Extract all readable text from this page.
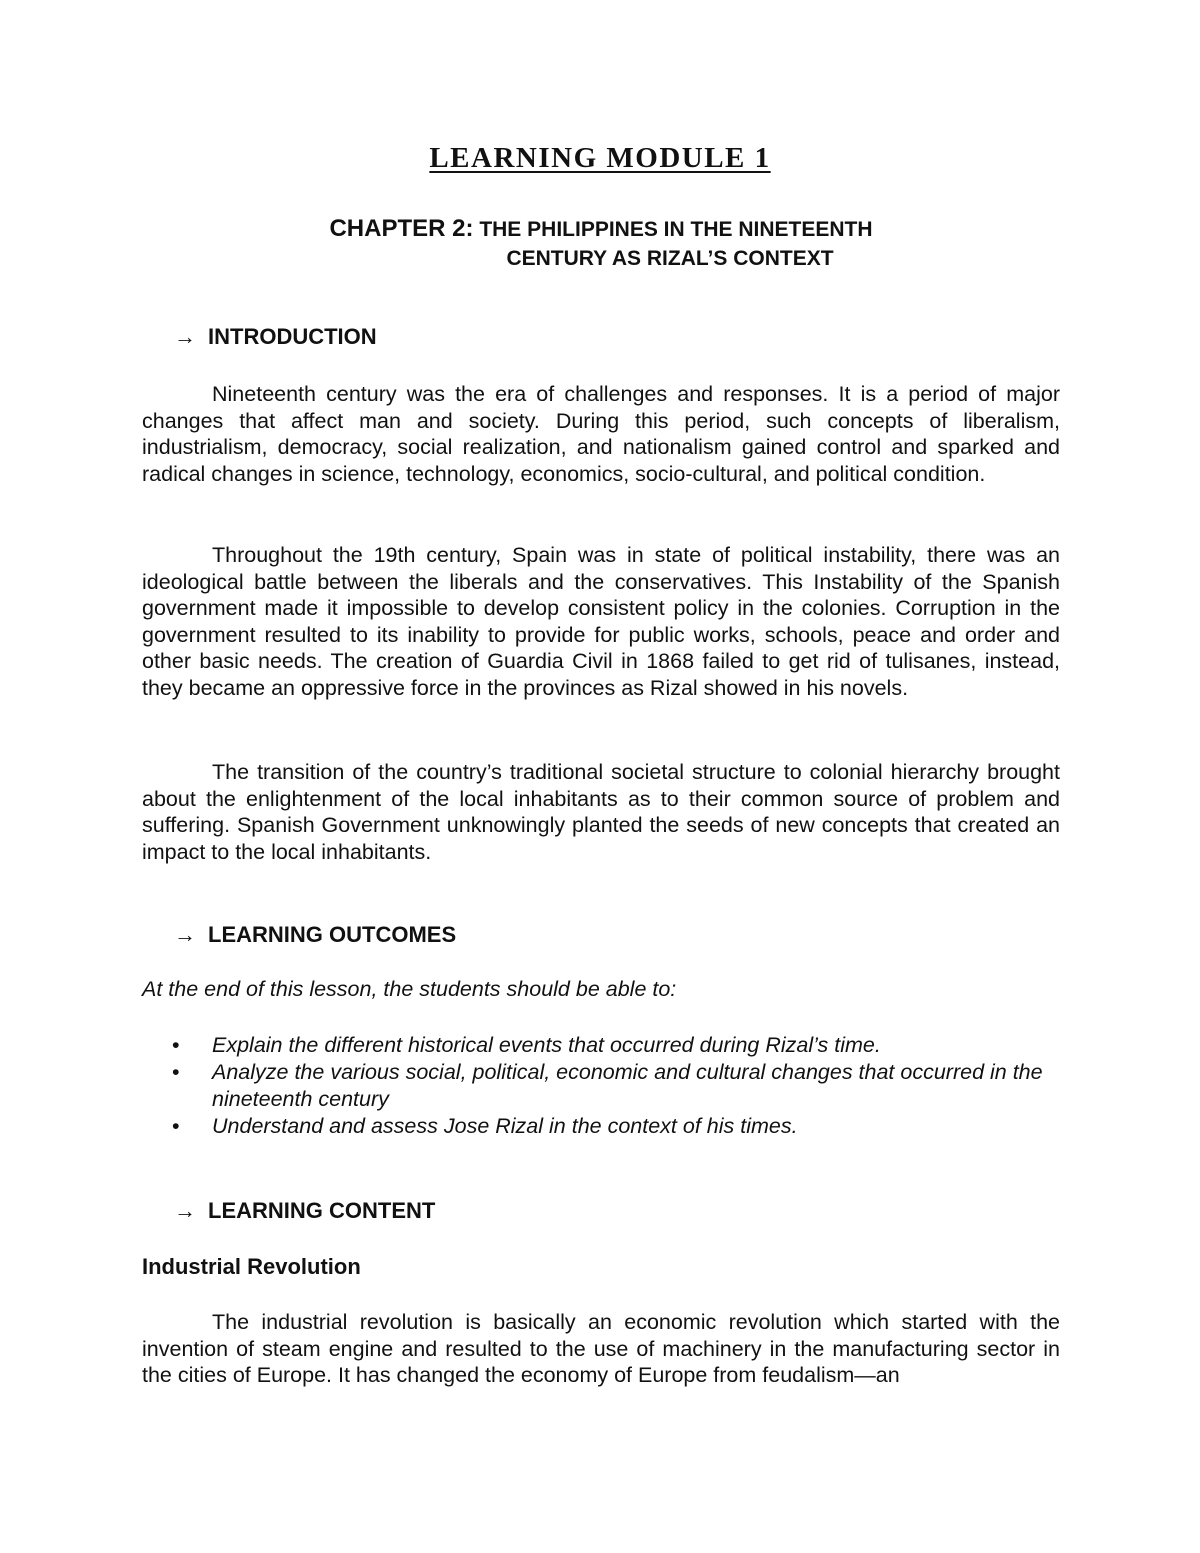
LEARNING MODULE 1
CHAPTER 2: THE PHILIPPINES IN THE NINETEENTH
CENTURY AS RIZAL’S CONTEXT
→ INTRODUCTION

Nineteenth century was the era of challenges and responses. It is a period of major changes that affect man and society. During this period, such concepts of liberalism, industrialism, democracy, social realization, and nationalism gained control and sparked and radical changes in science, technology, economics, socio-cultural, and political condition.

Throughout the 19th century, Spain was in state of political instability, there was an ideological battle between the liberals and the conservatives. This Instability of the Spanish government made it impossible to develop consistent policy in the colonies. Corruption in the government resulted to its inability to provide for public works, schools, peace and order and other basic needs. The creation of Guardia Civil in 1868 failed to get rid of tulisanes, instead, they became an oppressive force in the provinces as Rizal showed in his novels.

The transition of the country’s traditional societal structure to colonial hierarchy brought about the enlightenment of the local inhabitants as to their common source of problem and suffering. Spanish Government unknowingly planted the seeds of new concepts that created an impact to the local inhabitants.

→ LEARNING OUTCOMES
At the end of this lesson, the students should be able to:
• Explain the different historical events that occurred during Rizal’s time.
• Analyze the various social, political, economic and cultural changes that occurred in the nineteenth century
• Understand and assess Jose Rizal in the context of his times.
→ LEARNING CONTENT
Industrial Revolution

The industrial revolution is basically an economic revolution which started with the invention of steam engine and resulted to the use of machinery in the manufacturing sector in the cities of Europe. It has changed the economy of Europe from feudalism—an
